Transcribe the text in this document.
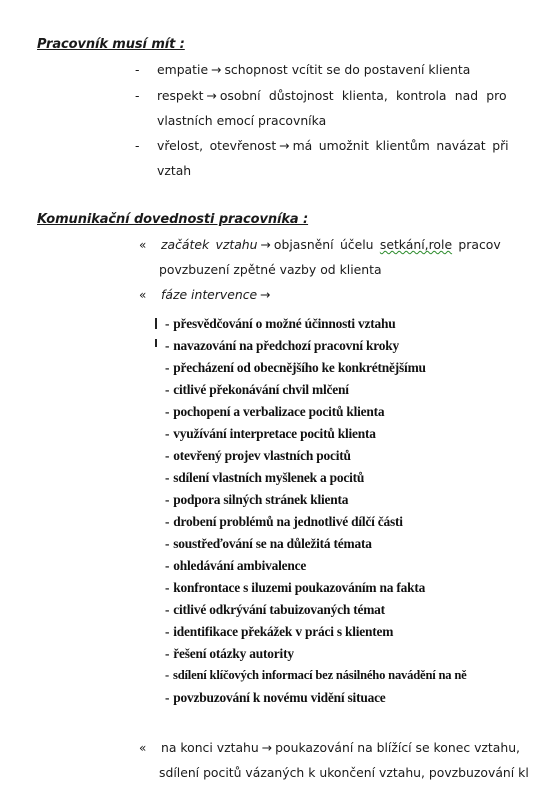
Pracovník musí mít :
- empatie → schopnost vcítit se do postavení klienta
- respekt → osobní důstojnost klienta, kontrola nad pro
vlastních emocí pracovníka
- vřelost, otevřenost → má umožnit klientům navázat při
vztah
Komunikační dovednosti pracovníka :
« začátek vztahu → objasnění účelu setkání,role pracov
povzbuzení zpětné vazby od klienta
« fáze intervence →
- přesvědčování o možné účinnosti vztahu
- navazování na předchozí pracovní kroky
- přecházení od obecnějšího ke konkrétnějšímu
- citlivé překonávání chvil mlčení
- pochopení a verbalizace pocitů klienta
- využívání interpretace pocitů klienta
- otevřený projev vlastních pocitů
- sdílení vlastních myšlenek a pocitů
- podpora silných stránek klienta
- drobení problémů na jednotlivé dílčí části
- soustřeďování se na důležitá témata
- ohledávání ambivalence
- konfrontace s iluzemi poukazováním na fakta
- citlivé odkrývání tabuizovaných témat
- identifikace překážek v práci s klientem
- řešení otázky autority
- sdílení klíčových informací bez násilného navádění na ně
- povzbuzování k novému vidění situace
« na konci vztahu → poukazování na blížící se konec vztahu,
sdílení pocitů vázaných k ukončení vztahu, povzbuzování kl
